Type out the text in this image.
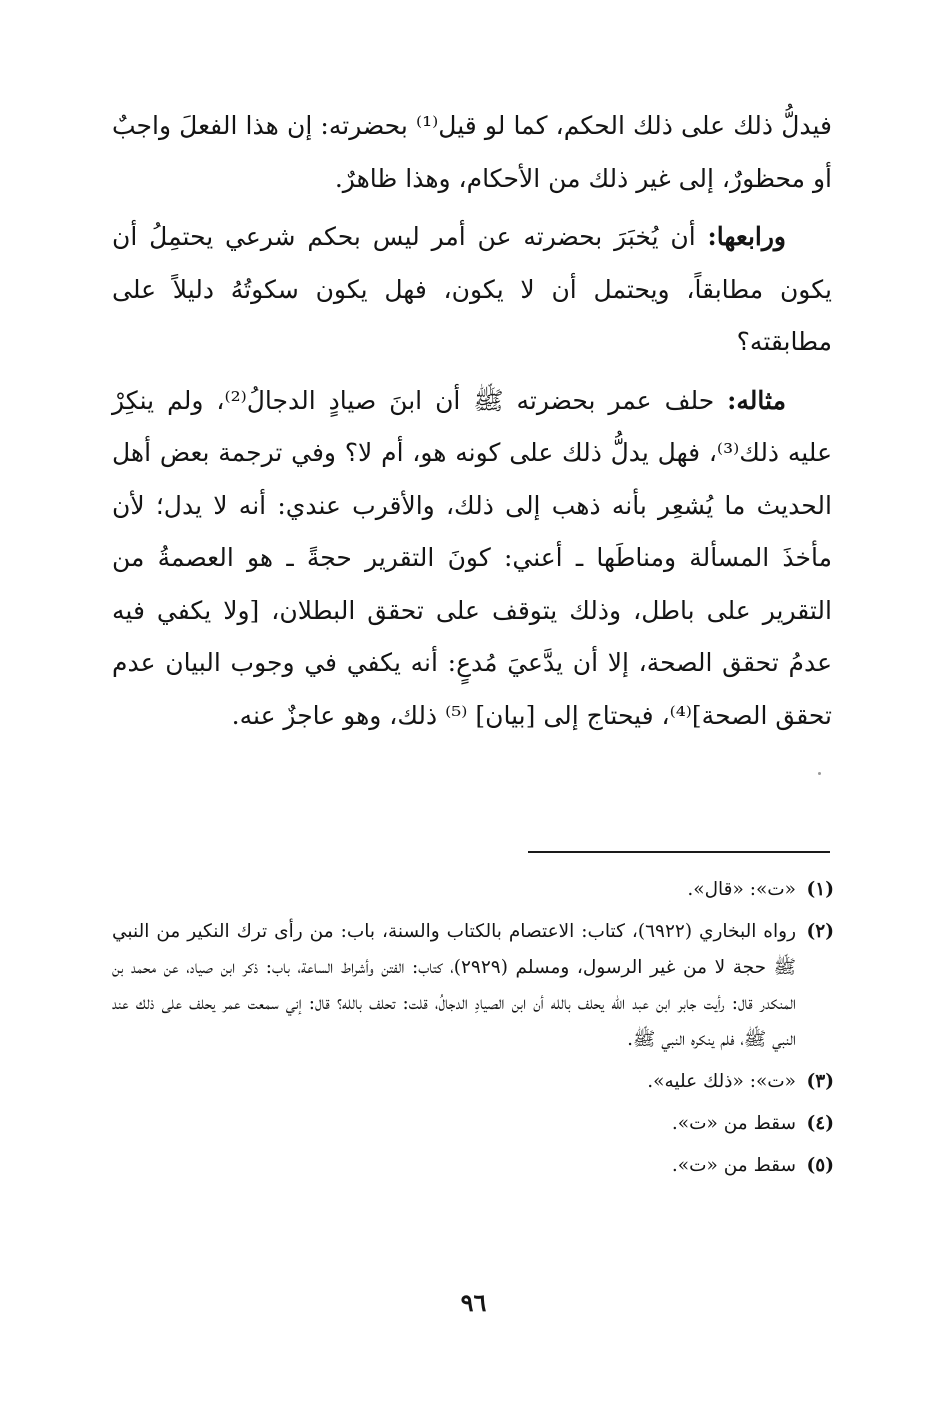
فيدلُّ ذلك على ذلك الحكم، كما لو قيل⁽¹⁾ بحضرته: إن هذا الفعلَ واجبٌ أو محظورٌ، إلى غير ذلك من الأحكام، وهذا ظاهرٌ.

ورابعها: أن يُخبَرَ بحضرته عن أمر ليس بحكم شرعي يحتمِلُ أن يكون مطابقاً، ويحتمل أن لا يكون، فهل يكون سكوتُهُ دليلاً على مطابقته؟

مثاله: حلف عمر بحضرته ﷺ أن ابنَ صيادٍ الدجالُ⁽²⁾، ولم ينكِرْ عليه ذلك⁽³⁾، فهل يدلُّ ذلك على كونه هو، أم لا؟ وفي ترجمة بعض أهل الحديث ما يُشعِر بأنه ذهب إلى ذلك، والأقرب عندي: أنه لا يدل؛ لأن مأخذَ المسألة ومناطَها ـ أعني: كونَ التقرير حجةً ـ هو العصمةُ من التقرير على باطل، وذلك يتوقف على تحقق البطلان، [ولا يكفي فيه عدمُ تحقق الصحة، إلا أن يدَّعيَ مُدعٍ: أنه يكفي في وجوب البيان عدم تحقق الصحة]⁽⁴⁾، فيحتاج إلى [بيان] ⁽⁵⁾ ذلك، وهو عاجزٌ عنه.

(١)
«ت»: «قال».
(٢)
رواه البخاري (٦٩٢٢)، كتاب: الاعتصام بالكتاب والسنة، باب: من رأى ترك النكير من النبي ﷺ حجة لا من غير الرسول، ومسلم (٢٩٢٩)، كتاب: الفتن وأشراط الساعة، باب: ذكر ابن صياد، عن محمد بن المنكدر قال: رأيت جابر ابن عبد الله يحلف بالله أن ابن الصيادِ الدجالُ، قلت: تحلف بالله؟ قال: إني سمعت عمر يحلف على ذلك عند النبي ﷺ، فلم ينكره النبي ﷺ.
(٣)
«ت»: «ذلك عليه».
(٤)
سقط من «ت».
(٥)
سقط من «ت».
٩٦
